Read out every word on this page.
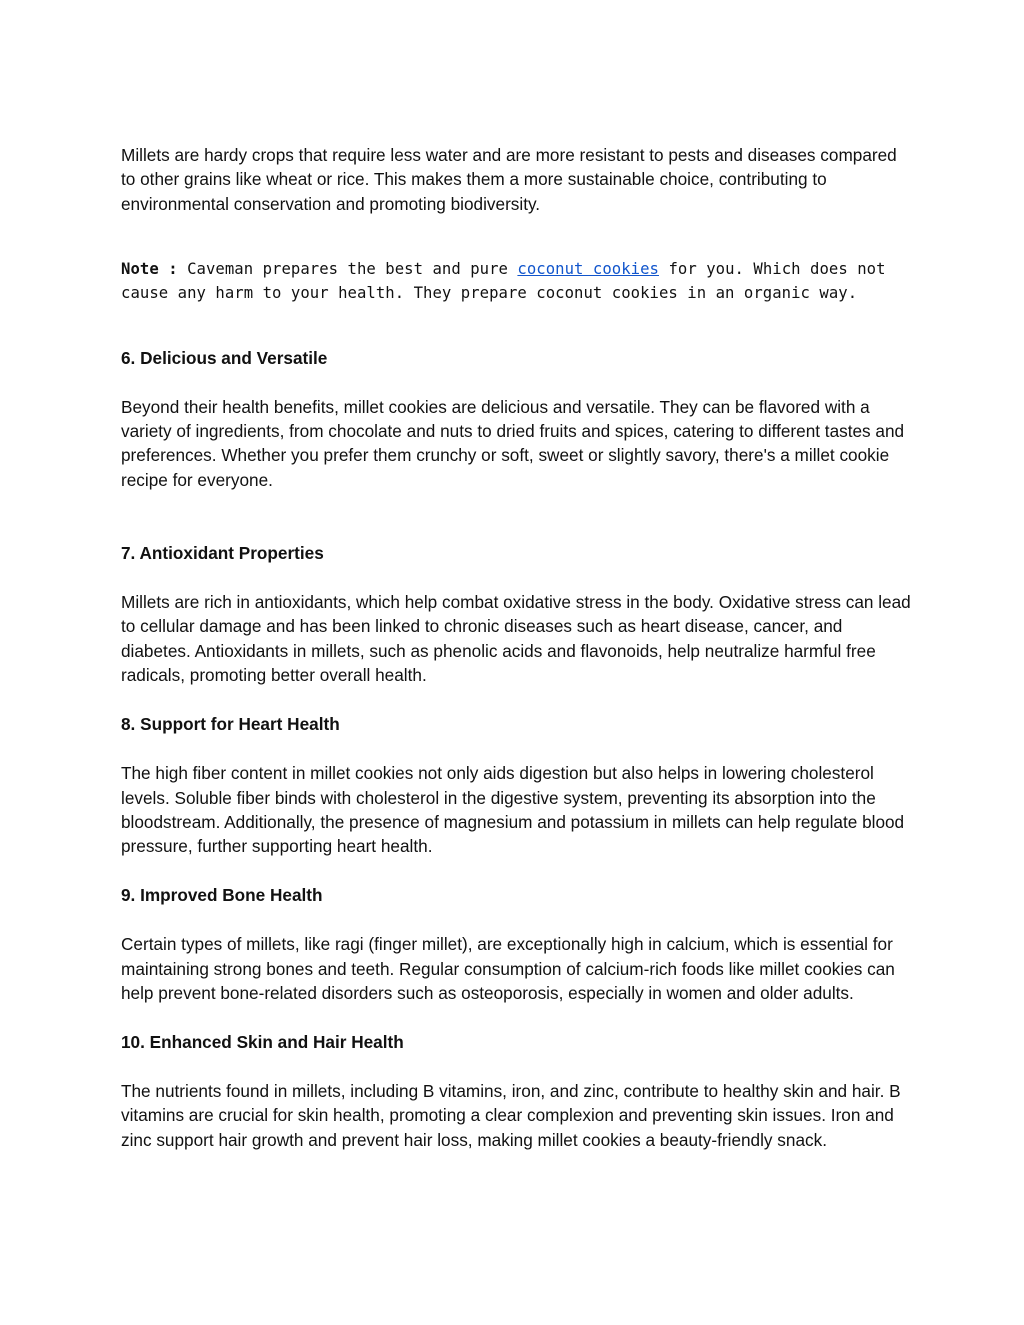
Millets are hardy crops that require less water and are more resistant to pests and diseases compared to other grains like wheat or rice. This makes them a more sustainable choice, contributing to environmental conservation and promoting biodiversity.

Note : Caveman prepares the best and pure coconut cookies for you. Which does not cause any harm to your health. They prepare coconut cookies in an organic way.

6. Delicious and Versatile

Beyond their health benefits, millet cookies are delicious and versatile. They can be flavored with a variety of ingredients, from chocolate and nuts to dried fruits and spices, catering to different tastes and preferences. Whether you prefer them crunchy or soft, sweet or slightly savory, there's a millet cookie recipe for everyone.

7. Antioxidant Properties

Millets are rich in antioxidants, which help combat oxidative stress in the body. Oxidative stress can lead to cellular damage and has been linked to chronic diseases such as heart disease, cancer, and diabetes. Antioxidants in millets, such as phenolic acids and flavonoids, help neutralize harmful free radicals, promoting better overall health.

8. Support for Heart Health

The high fiber content in millet cookies not only aids digestion but also helps in lowering cholesterol levels. Soluble fiber binds with cholesterol in the digestive system, preventing its absorption into the bloodstream. Additionally, the presence of magnesium and potassium in millets can help regulate blood pressure, further supporting heart health.

9. Improved Bone Health

Certain types of millets, like ragi (finger millet), are exceptionally high in calcium, which is essential for maintaining strong bones and teeth. Regular consumption of calcium-rich foods like millet cookies can help prevent bone-related disorders such as osteoporosis, especially in women and older adults.

10. Enhanced Skin and Hair Health

The nutrients found in millets, including B vitamins, iron, and zinc, contribute to healthy skin and hair. B vitamins are crucial for skin health, promoting a clear complexion and preventing skin issues. Iron and zinc support hair growth and prevent hair loss, making millet cookies a beauty-friendly snack.
